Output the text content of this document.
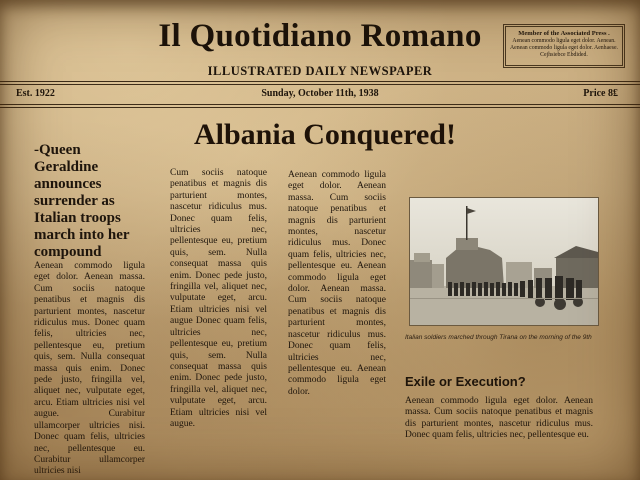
Il Quotidiano Romano	Member of the Associated Press .
Aenean commodo ligula eget dolor. Aenean. Aenean commodo ligula eget dolor. Aenhaese. Cejhsiebce Ebdided.
ILLUSTRATED DAILY NEWSPAPER
Est. 1922	Sunday, October 11th, 1938	Price 8₤
Albania Conquered!
-Queen Geraldine announces surrender as Italian troops march into her compound
Aenean commodo ligula eget dolor. Aenean massa. Cum sociis natoque penatibus et magnis dis parturient montes, nascetur ridiculus mus. Donec quam felis, ultricies nec, pellentesque eu, pretium quis, sem. Nulla consequat massa quis enim. Donec pede justo, fringilla vel, aliquet nec, vulputate eget, arcu. Etiam ultricies nisi vel augue. Curabitur ullamcorper ultricies nisi. Donec quam felis, ultricies nec, pellentesque eu. Curabitur ullamcorper ultricies nisi
Cum sociis natoque penatibus et magnis dis parturient montes, nascetur ridiculus mus. Donec quam felis, ultricies nec, pellentesque eu, pretium quis, sem. Nulla consequat massa quis enim. Donec pede justo, fringilla vel, aliquet nec, vulputate eget, arcu. Etiam ultricies nisi vel augue Donec quam felis, ultricies nec, pellentesque eu, pretium quis, sem. Nulla consequat massa quis enim. Donec pede justo, fringilla vel, aliquet nec, vulputate eget, arcu. Etiam ultricies nisi vel augue.
Aenean commodo ligula eget dolor. Aenean massa. Cum sociis natoque penatibus et magnis dis parturient montes, nascetur ridiculus mus. Donec quam felis, ultricies nec, pellentesque eu. Aenean commodo ligula eget dolor. Aenean massa. Cum sociis natoque penatibus et magnis dis parturient montes, nascetur ridiculus mus. Donec quam felis, ultricies nec, pellentesque eu. Aenean commodo ligula eget dolor.
Italian soldiers marched through Tirana on the morning of the 9th
Exile or Execution?
Aenean commodo ligula eget dolor. Aenean massa. Cum sociis natoque penatibus et magnis dis parturient montes, nascetur ridiculus mus. Donec quam felis, ultricies nec, pellentesque eu.
